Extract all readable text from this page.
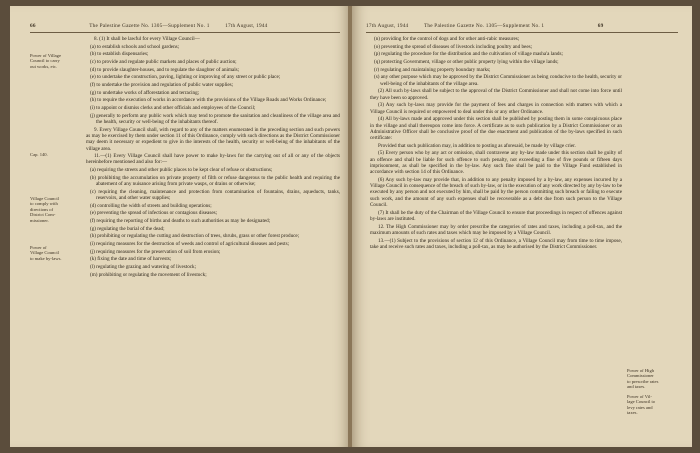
66	The Palestine Gazette No. 1305—Supplement No. 1	17th August, 1944
Power of Village
Council to carry
out works, etc.
Cap. 140.
Village Council
to comply with
directions of
District Com-
missioner.
Power of
Village Council
to make by-laws.

8. (1) It shall be lawful for every Village Council—

(a) to establish schools and school gardens;

(b) to establish dispensaries;

(c) to provide and regulate public markets and places of public auction;

(d) to provide slaughter-houses, and to regulate the slaughter of animals;

(e) to undertake the construction, paving, lighting or improving of any street or public place;

(f) to undertake the provision and regulation of public water supplies;

(g) to undertake works of afforestation and terracing;

(h) to require the execution of works in accordance with the provisions of the Village Roads and Works Ordinance;

(i) to appoint or dismiss clerks and other officials and employees of the Council;

(j) generally to perform any public work which may tend to promote the sanitation and cleanliness of the village area and the health, security or well-being of the inhabitants thereof.

9. Every Village Council shall, with regard to any of the matters enumerated in the preceding section and such powers as may be exercised by them under section 11 of this Ordinance, comply with such directions as the District Commissioner may deem it necessary or expedient to give in the interests of the health, security or well-being of the inhabitants of the village area.

11.—(1) Every Village Council shall have power to make by-laws for the carrying out of all or any of the objects hereinbefore mentioned and also for:—

(a) requiring the streets and other public places to be kept clear of refuse or obstructions;

(b) prohibiting the accumulation on private property of filth or refuse dangerous to the public health and requiring the abatement of any nuisance arising from private wasps, or drains or otherwise;

(c) requiring the cleaning, maintenance and protection from contamination of fountains, drains, aqueducts, tanks, reservoirs, and other water supplies;

(d) controlling the width of streets and building operations;

(e) preventing the spread of infectious or contagious diseases;

(f) requiring the reporting of births and deaths to such authorities as may be designated;

(g) regulating the burial of the dead;

(h) prohibiting or regulating the cutting and destruction of trees, shrubs, grass or other forest produce;

(i) requiring measures for the destruction of weeds and control of agricultural diseases and pests;

(j) requiring measures for the preservation of soil from erosion;

(k) fixing the date and time of harvests;

(l) regulating the grazing and watering of livestock;

(m) prohibiting or regulating the movement of livestock;

17th August, 1944	The Palestine Gazette No. 1305—Supplement No. 1	69

(n) providing for the control of dogs and for other anti-rabic measures;

(o) preventing the spread of diseases of livestock including poultry and bees;

(p) regulating the procedure for the distribution and the cultivation of village masha'a lands;

(q) protecting Government, village or other public property lying within the village lands;

(r) regulating and maintaining property boundary marks;

(s) any other purpose which may be approved by the District Commissioner as being conducive to the health, security or well-being of the inhabitants of the village area.

(2) All such by-laws shall be subject to the approval of the District Commissioner and shall not come into force until they have been so approved.

(3) Any such by-laws may provide for the payment of fees and charges in connection with matters with which a Village Council is required or empowered to deal under this or any other Ordinance.

(4) All by-laws made and approved under this section shall be published by posting them in some conspicuous place in the village and shall thereupon come into force. A certificate as to such publication by a District Commissioner or an Administrative Officer shall be conclusive proof of the due enactment and publication of the by-laws specified in such certificate:

Provided that such publication may, in addition to posting as aforesaid, be made by village crier.

(5) Every person who by any act or omission, shall contravene any by-law made under this section shall be guilty of an offence and shall be liable for such offence to such penalty, not exceeding a fine of five pounds or fifteen days imprisonment, as shall be specified in the by-law. Any such fine shall be paid to the Village Fund established in accordance with section 14 of this Ordinance.

(6) Any such by-law may provide that, in addition to any penalty imposed by a by-law, any expenses incurred by a Village Council in consequence of the breach of such by-law, or in the execution of any work directed by any by-law to be executed by any person and not executed by him, shall be paid by the person committing such breach or failing to execute such work, and the amount of any such expenses shall be recoverable as a debt due from such person to the Village Council.

(7) It shall be the duty of the Chairman of the Village Council to ensure that proceedings in respect of offences against by-laws are instituted.

12. The High Commissioner may by order prescribe the categories of rates and taxes, including a poll-tax, and the maximum amounts of such rates and taxes which may be imposed by a Village Council.

13.—(1) Subject to the provisions of section 12 of this Ordinance, a Village Council may from time to time impose, take and receive such rates and taxes, including a poll-tax, as may be authorised by the District Commissioner.

Power of High
Commissioner
to prescribe rates
and taxes.
Power of Vil-
lage Council to
levy rates and
taxes.
